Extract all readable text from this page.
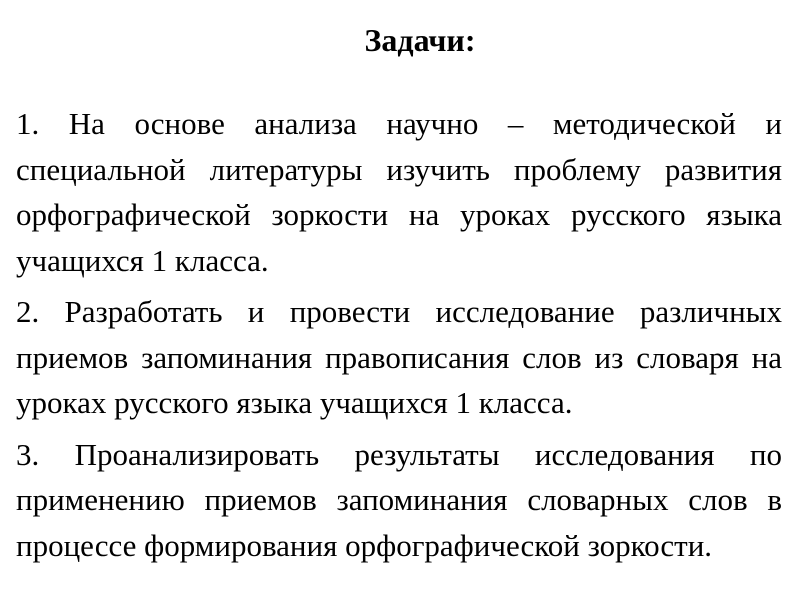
Задачи:

1. На основе анализа научно – методической и специальной литературы изучить проблему развития орфографической зоркости на уроках русского языка учащихся 1 класса.

2. Разработать и провести исследование различных приемов запоминания правописания слов из словаря на уроках русского языка учащихся 1 класса.

3. Проанализировать результаты исследования по применению приемов запоминания словарных слов в процессе формирования орфографической зоркости.
